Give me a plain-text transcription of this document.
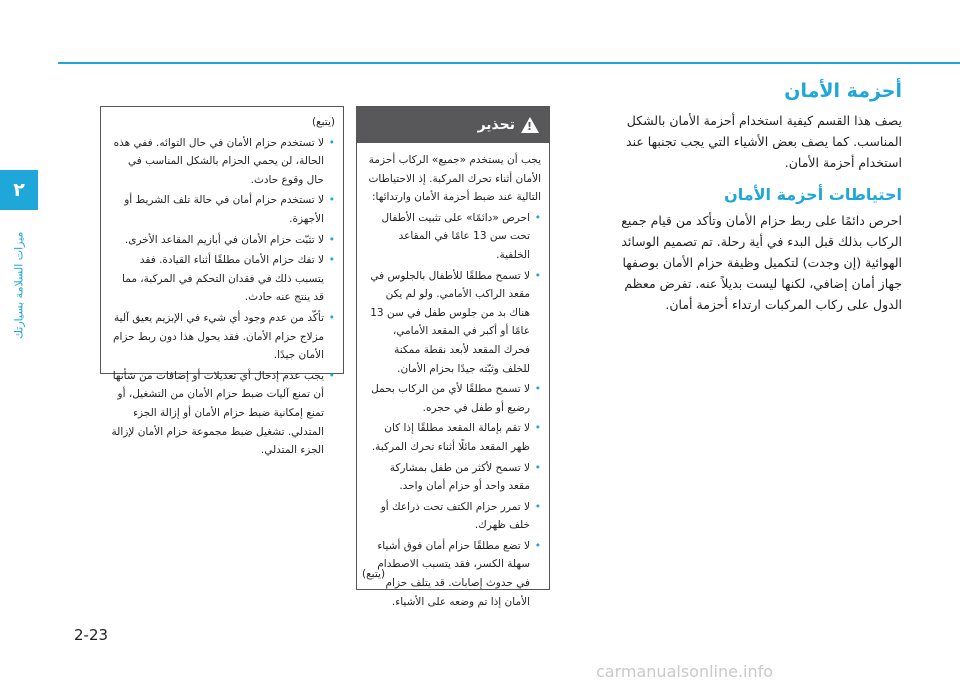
٢
ميزات السلامة بسيارتك
2-23
أحزمة الأمان

يصف هذا القسم كيفية استخدام أحزمة الأمان بالشكل المناسب. كما يصف بعض الأشياء التي يجب تجنبها عند استخدام أحزمة الأمان.

احتياطات أحزمة الأمان

احرص دائمًا على ربط حزام الأمان وتأكد من قيام جميع الركاب بذلك قبل البدء في أية رحلة. تم تصميم الوسائد الهوائية (إن وجدت) لتكميل وظيفة حزام الأمان بوصفها جهاز أمان إضافي، لكنها ليست بديلاً عنه. تفرض معظم الدول على ركاب المركبات ارتداء أحزمة أمان.

!
تحذير

يجب أن يستخدم «جميع» الركاب أحزمة الأمان أثناء تحرك المركبة. إذ الاحتياطات التالية عند ضبط أحزمة الأمان وارتدائها:

• احرص «دائمًا» على تثبيت الأطفال تحت سن 13 عامًا في المقاعد الخلفية.
• لا تسمح مطلقًا للأطفال بالجلوس في مقعد الراكب الأمامي. ولو لم يكن هناك بد من جلوس طفل في سن 13 عامًا أو أكبر في المقعد الأمامي، فحرك المقعد لأبعد نقطة ممكنة للخلف وثبّته جيدًا بحزام الأمان.
• لا تسمح مطلقًا لأي من الركاب بحمل رضيع أو طفل في حجره.
• لا تقم بإمالة المقعد مطلقًا إذا كان ظهر المقعد مائلًا أثناء تحرك المركبة.
• لا تسمح لأكثر من طفل بمشاركة مقعد واحد أو حزام أمان واحد.
• لا تمرر حزام الكتف تحت ذراعك أو خلف ظهرك.
• لا تضع مطلقًا حزام أمان فوق أشياء سهلة الكسر، فقد يتسبب الاصطدام في حدوث إصابات. قد يتلف حزام الأمان إذا تم وضعه على الأشياء.
(يتبع)

(يتبع)

• لا تستخدم حزام الأمان في حال التوائه. ففي هذه الحالة، لن يحمي الحزام بالشكل المناسب في حال وقوع حادث.
• لا تستخدم حزام أمان في حالة تلف الشريط أو الأجهزة.
• لا تثبّت حزام الأمان في أبازيم المقاعد الأخرى.
• لا تفك حزام الأمان مطلقًا أثناء القيادة. فقد يتسبب ذلك في فقدان التحكم في المركبة، مما قد ينتج عنه حادث.
• تأكّد من عدم وجود أي شيء في الإبزيم يعيق آلية مزلاج حزام الأمان. فقد يحول هذا دون ربط حزام الأمان جيدًا.
• يجب عدم إدخال أي تعديلات أو إضافات من شأنها أن تمنع آليات ضبط حزام الأمان من التشغيل، أو تمنع إمكانية ضبط حزام الأمان أو إزالة الجزء المتدلي. تشغيل ضبط مجموعة حزام الأمان لإزالة الجزء المتدلي.
carmanualsonline.info
